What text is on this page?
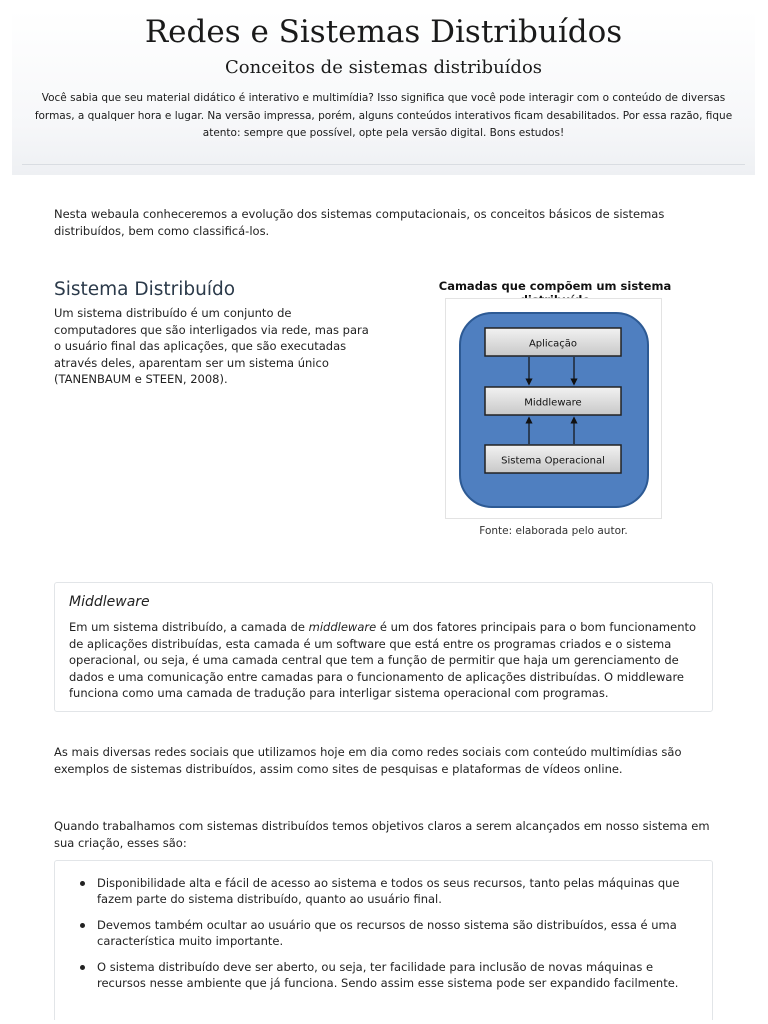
Redes e Sistemas Distribuídos
Conceitos de sistemas distribuídos
Você sabia que seu material didático é interativo e multimídia? Isso significa que você pode interagir com o conteúdo de diversas formas, a qualquer hora e lugar. Na versão impressa, porém, alguns conteúdos interativos ficam desabilitados. Por essa razão, fique atento: sempre que possível, opte pela versão digital. Bons estudos!
Nesta webaula conheceremos a evolução dos sistemas computacionais, os conceitos básicos de sistemas distribuídos, bem como classificá-los.
Sistema Distribuído
Um sistema distribuído é um conjunto de computadores que são interligados via rede, mas para o usuário final das aplicações, que são executadas através deles, aparentam ser um sistema único (TANENBAUM e STEEN, 2008).
Camadas que compõem um sistema
Aplicação
Middleware
Sistema Operacional
Fonte: elaborada pelo autor.
Middleware
Em um sistema distribuído, a camada de middleware é um dos fatores principais para o bom funcionamento de aplicações distribuídas, esta camada é um software que está entre os programas criados e o sistema operacional, ou seja, é uma camada central que tem a função de permitir que haja um gerenciamento de dados e uma comunicação entre camadas para o funcionamento de aplicações distribuídas. O middleware funciona como uma camada de tradução para interligar sistema operacional com programas.
As mais diversas redes sociais que utilizamos hoje em dia como redes sociais com conteúdo multimídias são exemplos de sistemas distribuídos, assim como sites de pesquisas e plataformas de vídeos online.
Quando trabalhamos com sistemas distribuídos temos objetivos claros a serem alcançados em nosso sistema em sua criação, esses são:
Disponibilidade alta e fácil de acesso ao sistema e todos os seus recursos, tanto pelas máquinas que fazem parte do sistema distribuído, quanto ao usuário final.
Devemos também ocultar ao usuário que os recursos de nosso sistema são distribuídos, essa é uma característica muito importante.
O sistema distribuído deve ser aberto, ou seja, ter facilidade para inclusão de novas máquinas e recursos nesse ambiente que já funciona. Sendo assim esse sistema pode ser expandido facilmente.
